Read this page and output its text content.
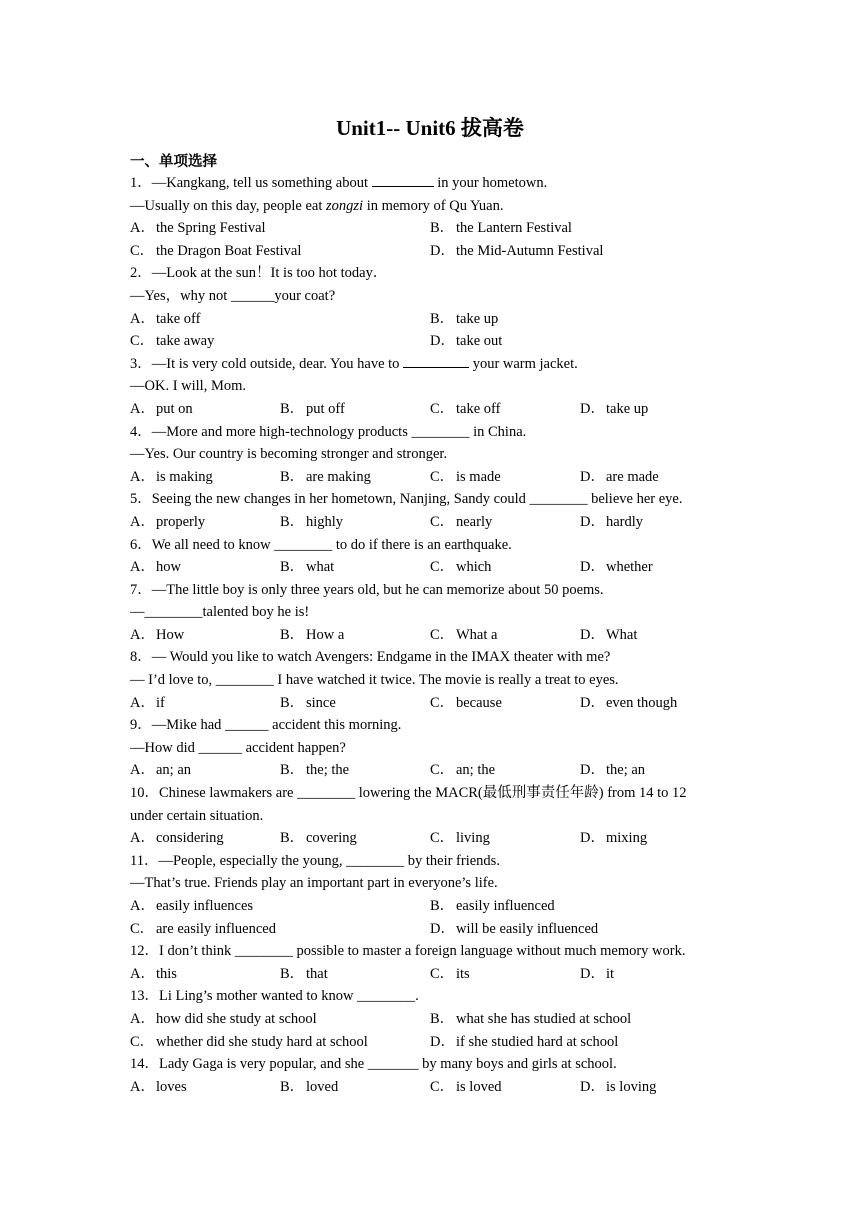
Unit1-- Unit6 拔高卷
一、单项选择
1．—Kangkang, tell us something about	in your hometown.
—Usually on this day, people eat zongzi in memory of Qu Yuan.
A． the Spring Festival	B． the Lantern Festival
C． the Dragon Boat Festival	D． the Mid-Autumn Festival
2．—Look at the sun！It is too hot today．
—Yes，why not ______your coat?
A． take off	B． take up
C． take away	D． take out
3．—It is very cold outside, dear. You have to	your warm jacket.
—OK. I will, Mom.
A． put on	B． put off	C． take off	D． take up
4．—More and more high-technology products ________ in China.
—Yes. Our country is becoming stronger and stronger.
A． is making	B． are making	C． is made	D． are made
5．Seeing the new changes in her hometown, Nanjing, Sandy could ________ believe her eye.
A． properly	B． highly	C． nearly	D． hardly
6．We all need to know ________ to do if there is an earthquake.
A． how	B． what	C． which	D． whether
7．—The little boy is only three years old, but he can memorize about 50 poems.
—________talented boy he is!
A． How	B． How a	C． What a	D． What
8．— Would you like to watch Avengers: Endgame in the IMAX theater with me?
— I’d love to, ________ I have watched it twice. The movie is really a treat to eyes.
A． if	B． since	C． because	D． even though
9．—Mike had ______ accident this morning.
—How did ______ accident happen?
A． an; an	B． the; the	C． an; the	D． the; an
10．Chinese lawmakers are ________ lowering the MACR(最低刑事责任年龄) from 14 to 12
under certain situation.
A． considering	B． covering	C． living	D． mixing
11．—People, especially the young, ________ by their friends.
—That’s true. Friends play an important part in everyone’s life.
A． easily influences	B． easily influenced
C． are easily influenced	D． will be easily influenced
12．I don’t think ________ possible to master a foreign language without much memory work.
A． this	B． that	C． its	D． it
13．Li Ling’s mother wanted to know ________.
A． how did she study at school	B． what she has studied at school
C． whether did she study hard at school	D． if she studied hard at school
14．Lady Gaga is very popular, and she _______ by many boys and girls at school.
A． loves	B． loved	C． is loved	D． is loving
